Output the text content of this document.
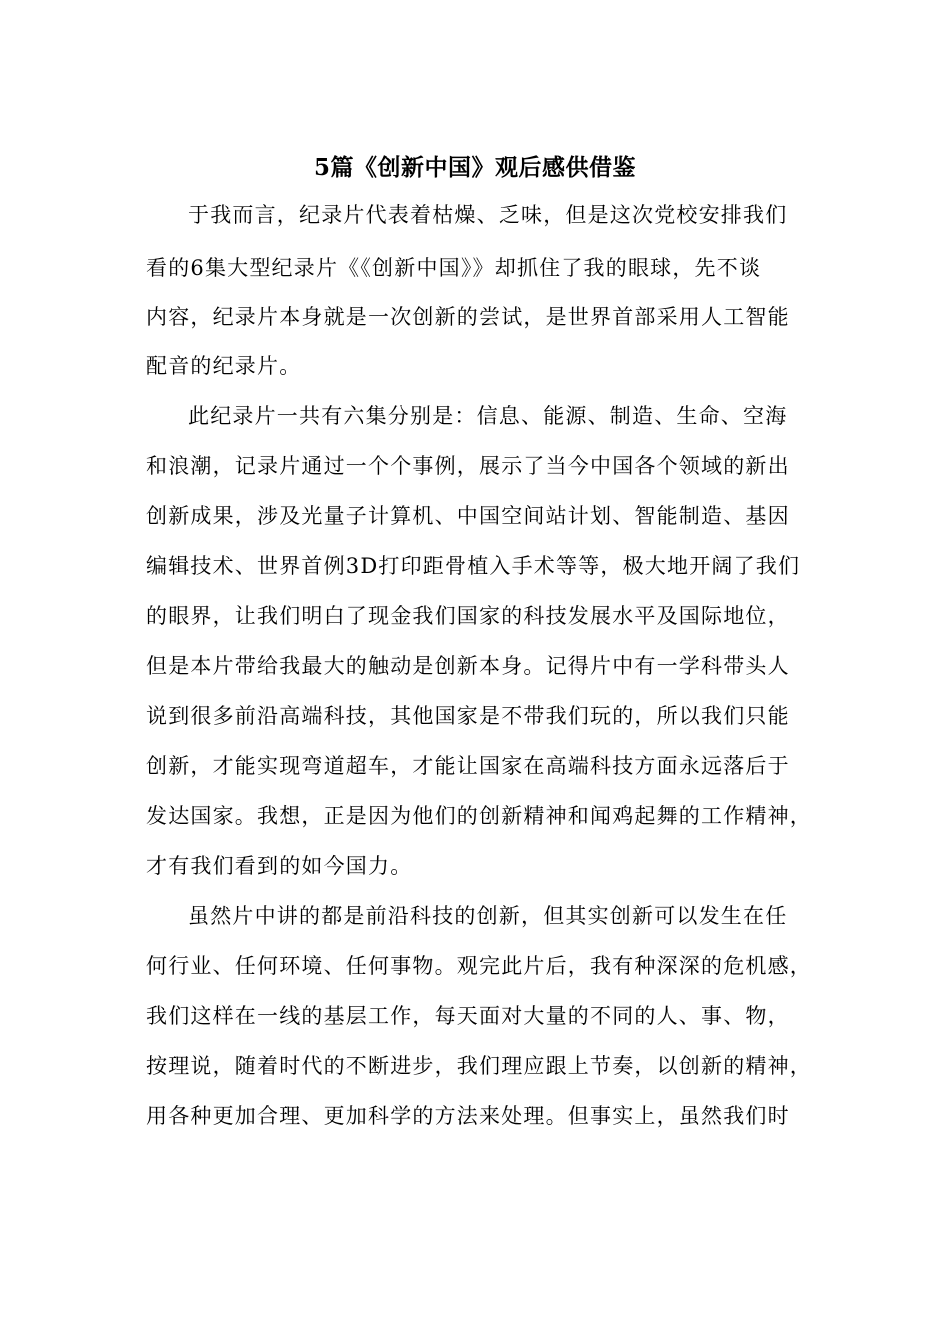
5篇《创新中国》观后感供借鉴
于我而言，纪录片代表着枯燥、乏味，但是这次党校安排我们
看的6集大型纪录片《《创新中国》》却抓住了我的眼球，先不谈
内容，纪录片本身就是一次创新的尝试，是世界首部采用人工智能
配音的纪录片。
此纪录片一共有六集分别是：信息、能源、制造、生命、空海
和浪潮，记录片通过一个个事例，展示了当今中国各个领域的新出
创新成果，涉及光量子计算机、中国空间站计划、智能制造、基因
编辑技术、世界首例3D打印距骨植入手术等等，极大地开阔了我们
的眼界，让我们明白了现金我们国家的科技发展水平及国际地位，
但是本片带给我最大的触动是创新本身。记得片中有一学科带头人
说到很多前沿高端科技，其他国家是不带我们玩的，所以我们只能
创新，才能实现弯道超车，才能让国家在高端科技方面永远落后于
发达国家。我想，正是因为他们的创新精神和闻鸡起舞的工作精神，
才有我们看到的如今国力。
虽然片中讲的都是前沿科技的创新，但其实创新可以发生在任
何行业、任何环境、任何事物。观完此片后，我有种深深的危机感，
我们这样在一线的基层工作，每天面对大量的不同的人、事、物，
按理说，随着时代的不断进步，我们理应跟上节奏，以创新的精神，
用各种更加合理、更加科学的方法来处理。但事实上，虽然我们时
